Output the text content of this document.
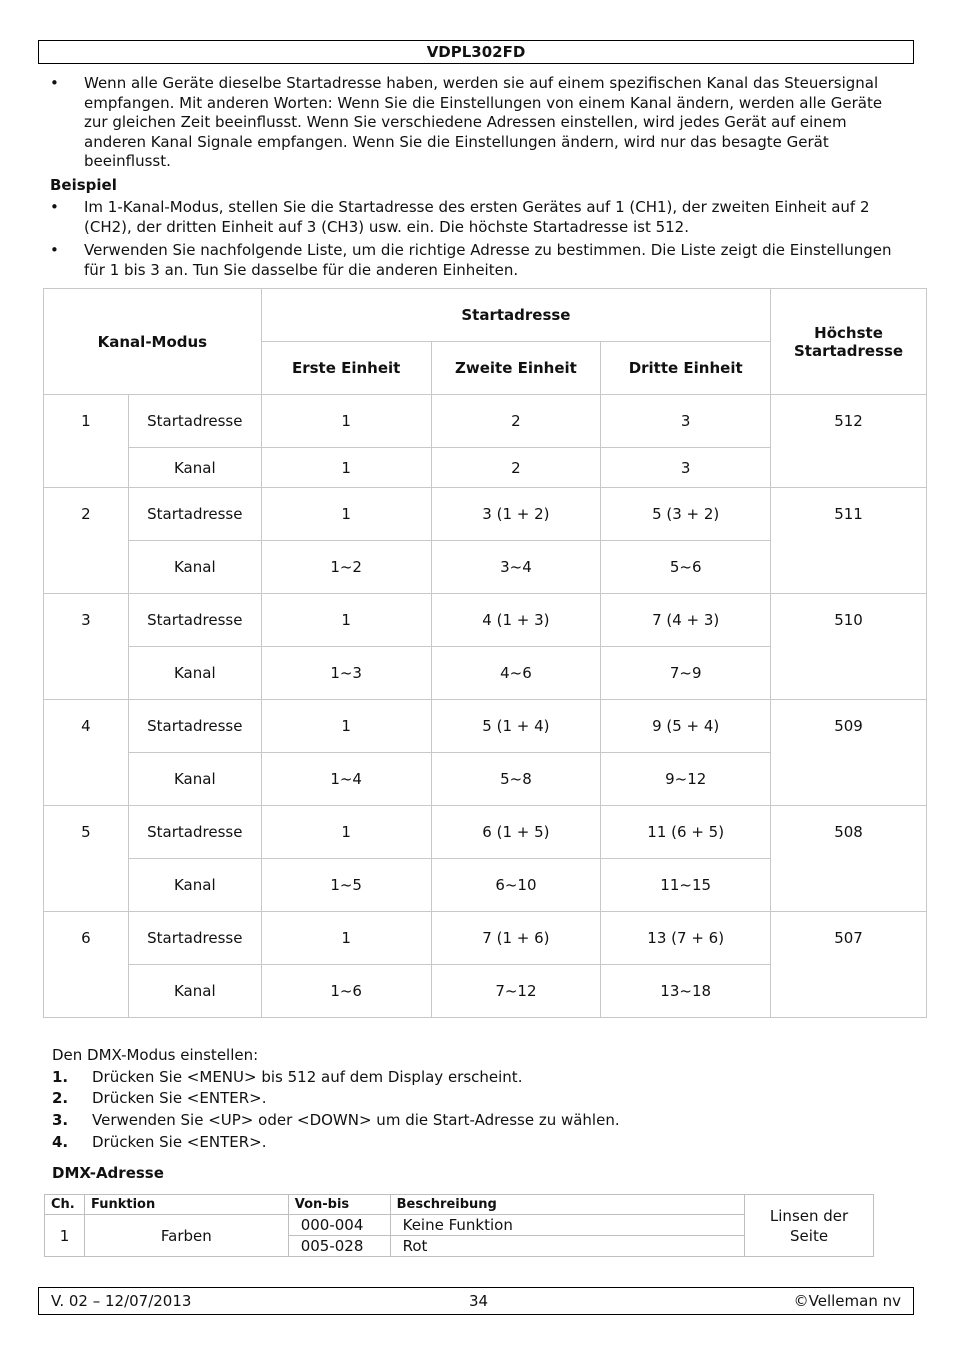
VDPL302FD
•	Wenn alle Geräte dieselbe Startadresse haben, werden sie auf einem spezifischen Kanal das Steuersignal empfangen. Mit anderen Worten: Wenn Sie die Einstellungen von einem Kanal ändern, werden alle Geräte zur gleichen Zeit beeinflusst. Wenn Sie verschiedene Adressen einstellen, wird jedes Gerät auf einem anderen Kanal Signale empfangen. Wenn Sie die Einstellungen ändern, wird nur das besagte Gerät beeinflusst.
Beispiel
•	Im 1-Kanal-Modus, stellen Sie die Startadresse des ersten Gerätes auf 1 (CH1), der zweiten Einheit auf 2 (CH2), der dritten Einheit auf 3 (CH3) usw. ein. Die höchste Startadresse ist 512.
•	Verwenden Sie nachfolgende Liste, um die richtige Adresse zu bestimmen. Die Liste zeigt die Einstellungen für 1 bis 3 an. Tun Sie dasselbe für die anderen Einheiten.
Kanal-Modus		Startadresse			Höchste Startadresse
		Erste Einheit	Zweite Einheit	Dritte Einheit	
1	Startadresse	1	2	3	512
	Kanal	1	2	3	
2	Startadresse	1	3 (1 + 2)	5 (3 + 2)	511
	Kanal	1~2	3~4	5~6	
3	Startadresse	1	4 (1 + 3)	7 (4 + 3)	510
	Kanal	1~3	4~6	7~9	
4	Startadresse	1	5 (1 + 4)	9 (5 + 4)	509
	Kanal	1~4	5~8	9~12	
5	Startadresse	1	6 (1 + 5)	11 (6 + 5)	508
	Kanal	1~5	6~10	11~15	
6	Startadresse	1	7 (1 + 6)	13 (7 + 6)	507
	Kanal	1~6	7~12	13~18	
Den DMX-Modus einstellen:
1. Drücken Sie <MENU> bis 512 auf dem Display erscheint.
2. Drücken Sie <ENTER>.
3. Verwenden Sie <UP> oder <DOWN> um die Start-Adresse zu wählen.
4. Drücken Sie <ENTER>.
DMX-Adresse
Ch.	Funktion	Von-bis	Beschreibung	Linsen der Seite
1	Farben	000-004	Keine Funktion	
		005-028	Rot	
V. 02 – 12/07/2013	34	©Velleman nv
